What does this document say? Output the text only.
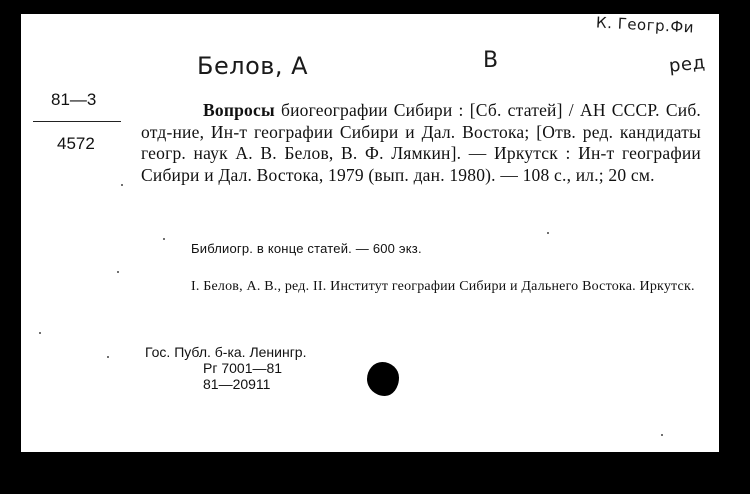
К. Геогр.Фи
Белов, А	В	ред
81—3
4572

Вопросы биогеографии Сибири : [Сб. статей] / АН СССР. Сиб. отд-ние, Ин-т географии Сибири и Дал. Востока; [Отв. ред. кандидаты геогр. наук А. В. Белов, В. Ф. Лямкин]. — Иркутск : Ин-т географии Сибири и Дал. Востока, 1979 (вып. дан. 1980). — 108 с., ил.; 20 см.

Библиогр. в конце статей. — 600 экз.

I. Белов, А. В., ред. II. Институт географии Сибири и Дальнего Востока. Иркутск.

Гос. Публ. б-ка. Ленингр.
Рг 7001—81
81—20911
